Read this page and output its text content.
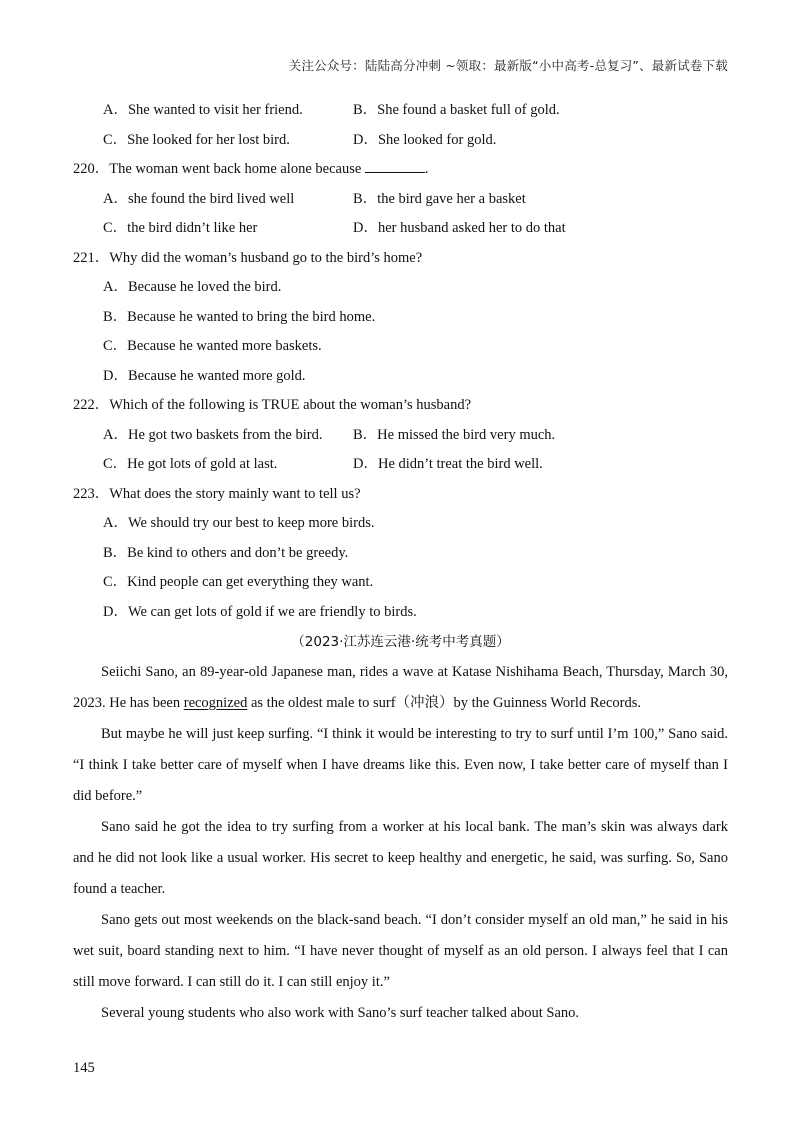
关注公众号：陆陆高分冲刺 ~领取：最新版“小中高考-总复习”、最新试卷下载
A．She wanted to visit her friend.	B．She found a basket full of gold.
C．She looked for her lost bird.	D．She looked for gold.
220．The woman went back home alone because	.
A．she found the bird lived well	B．the bird gave her a basket
C．the bird didn’t like her	D．her husband asked her to do that
221．Why did the woman’s husband go to the bird’s home?
A．Because he loved the bird.
B．Because he wanted to bring the bird home.
C．Because he wanted more baskets.
D．Because he wanted more gold.
222．Which of the following is TRUE about the woman’s husband?
A．He got two baskets from the bird. B．He missed the bird very much.
C．He got lots of gold at last.	D．He didn’t treat the bird well.
223．What does the story mainly want to tell us?
A．We should try our best to keep more birds.
B．Be kind to others and don’t be greedy.
C．Kind people can get everything they want.
D．We can get lots of gold if we are friendly to birds.
（2023·江苏连云港·统考中考真题）

Seiichi Sano, an 89-year-old Japanese man, rides a wave at Katase Nishihama Beach, Thursday, March 30, 2023. He has been recognized as the oldest male to surf（冲浪）by the Guinness World Records.

But maybe he will just keep surfing. “I think it would be interesting to try to surf until I’m 100,” Sano said. “I think I take better care of myself when I have dreams like this. Even now, I take better care of myself than I did before.”

Sano said he got the idea to try surfing from a worker at his local bank. The man’s skin was always dark and he did not look like a usual worker. His secret to keep healthy and energetic, he said, was surfing. So, Sano found a teacher.

Sano gets out most weekends on the black-sand beach. “I don’t consider myself an old man,” he said in his wet suit, board standing next to him. “I have never thought of myself as an old person. I always feel that I can still move forward. I can still do it. I can still enjoy it.”

Several young students who also work with Sano’s surf teacher talked about Sano.

145
